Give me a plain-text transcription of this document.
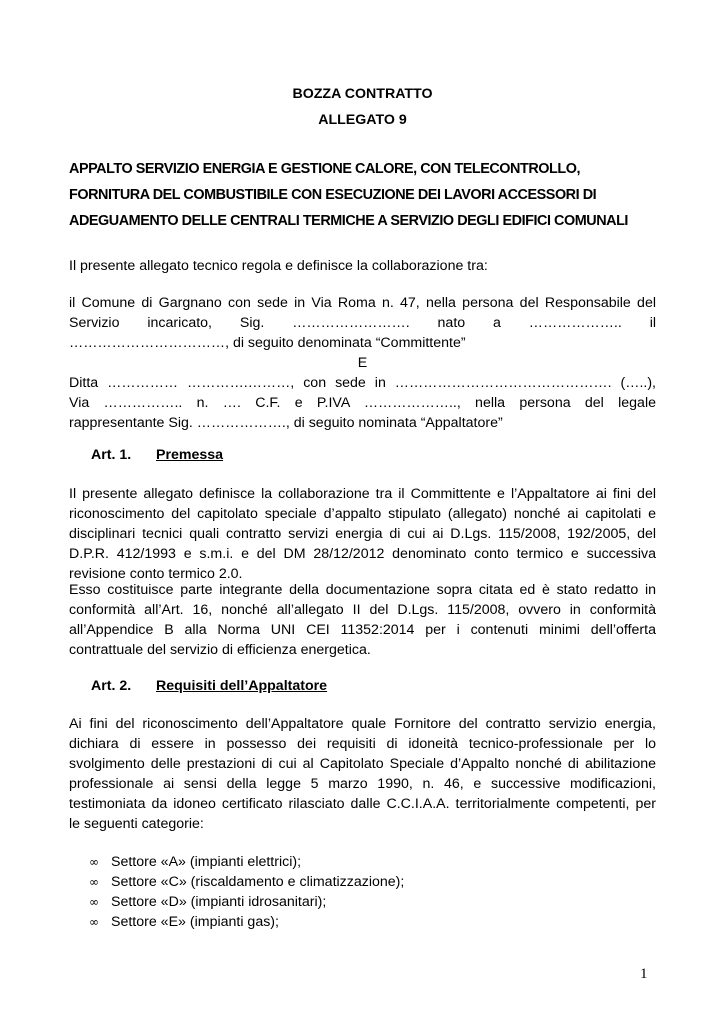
BOZZA CONTRATTO
ALLEGATO 9
APPALTO SERVIZIO ENERGIA E GESTIONE CALORE, CON TELECONTROLLO,
FORNITURA DEL COMBUSTIBILE CON ESECUZIONE DEI LAVORI ACCESSORI DI
ADEGUAMENTO DELLE CENTRALI TERMICHE A SERVIZIO DEGLI EDIFICI COMUNALI
Il presente allegato tecnico regola e definisce la collaborazione tra:
il Comune di Gargnano con sede in Via Roma n. 47, nella persona del Responsabile del
Servizio incaricato, Sig. ……………………. nato a ……………….. il
……………………………, di seguito denominata “Committente”
E
Ditta …………… ………….………, con sede in ………………………………………. (…..),
Via …………….. n. …. C.F. e P.IVA ……………….., nella persona del legale
rappresentante Sig. ………………., di seguito nominata “Appaltatore”
Art. 1. Premessa
Il presente allegato definisce la collaborazione tra il Committente e l’Appaltatore ai fini del
riconoscimento del capitolato speciale d’appalto stipulato (allegato) nonché ai capitolati e
disciplinari tecnici quali contratto servizi energia di cui ai D.Lgs. 115/2008, 192/2005, del
D.P.R. 412/1993 e s.m.i. e del DM 28/12/2012 denominato conto termico e successiva
revisione conto termico 2.0.
Esso costituisce parte integrante della documentazione sopra citata ed è stato redatto in
conformità all’Art. 16, nonché all’allegato II del D.Lgs. 115/2008, ovvero in conformità
all’Appendice B alla Norma UNI CEI 11352:2014 per i contenuti minimi dell’offerta
contrattuale del servizio di efficienza energetica.
Art. 2. Requisiti dell’Appaltatore
Ai fini del riconoscimento dell’Appaltatore quale Fornitore del contratto servizio energia,
dichiara di essere in possesso dei requisiti di idoneità tecnico-professionale per lo
svolgimento delle prestazioni di cui al Capitolato Speciale d’Appalto nonché di abilitazione
professionale ai sensi della legge 5 marzo 1990, n. 46, e successive modificazioni,
testimoniata da idoneo certificato rilasciato dalle C.C.I.A.A. territorialmente competenti, per
le seguenti categorie:
∞ Settore «A» (impianti elettrici);
∞ Settore «C» (riscaldamento e climatizzazione);
∞ Settore «D» (impianti idrosanitari);
∞ Settore «E» (impianti gas);
1
